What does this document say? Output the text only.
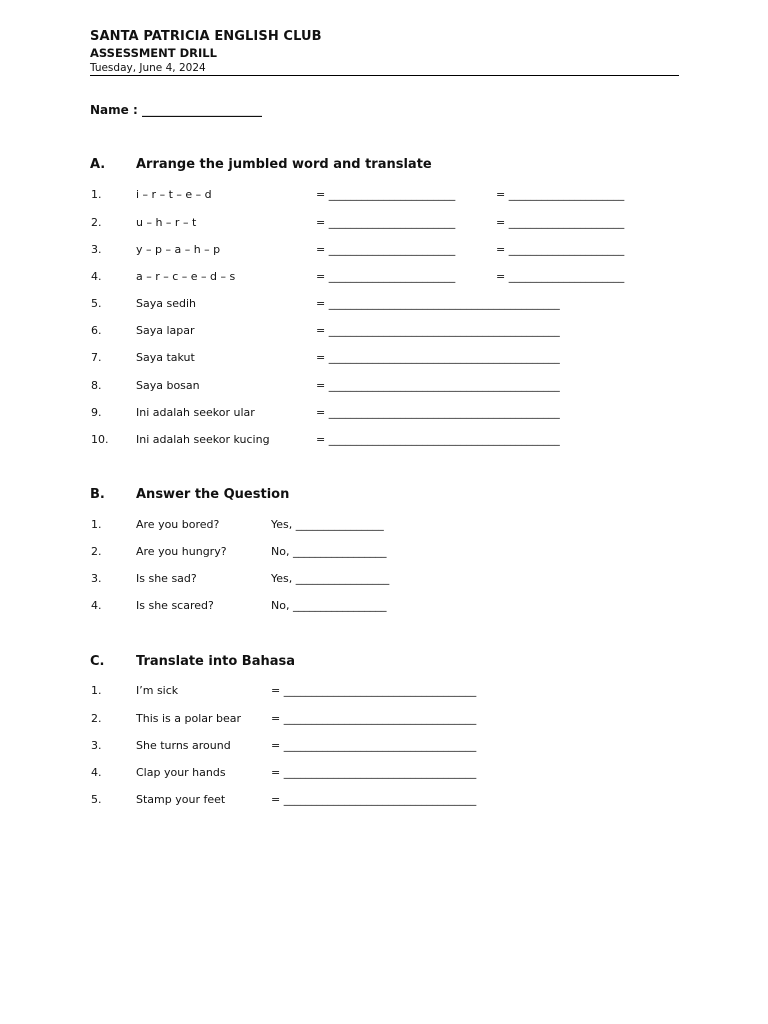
SANTA PATRICIA ENGLISH CLUB
ASSESSMENT DRILL
Tuesday, June 4, 2024
Name : ____________________
A. Arrange the jumbled word and translate
1.	i – r – t – e – d	= _______________________	= _____________________
2.	u – h – r – t	= _______________________	= _____________________
3.	y – p – a – h – p	= _______________________	= _____________________
4.	a – r – c – e – d – s	= _______________________	= _____________________
5.	Saya sedih	= __________________________________________
6.	Saya lapar	= __________________________________________
7.	Saya takut	= __________________________________________
8.	Saya bosan	= __________________________________________
9.	Ini adalah seekor ular	= __________________________________________
10.	Ini adalah seekor kucing	= __________________________________________
B. Answer the Question
1.	Are you bored?	Yes, ________________
2.	Are you hungry?	No, _________________
3.	Is she sad?	Yes, _________________
4.	Is she scared?	No, _________________
C. Translate into Bahasa
1.	I’m sick	= ___________________________________
2.	This is a polar bear	= ___________________________________
3.	She turns around	= ___________________________________
4.	Clap your hands	= ___________________________________
5.	Stamp your feet	= ___________________________________
